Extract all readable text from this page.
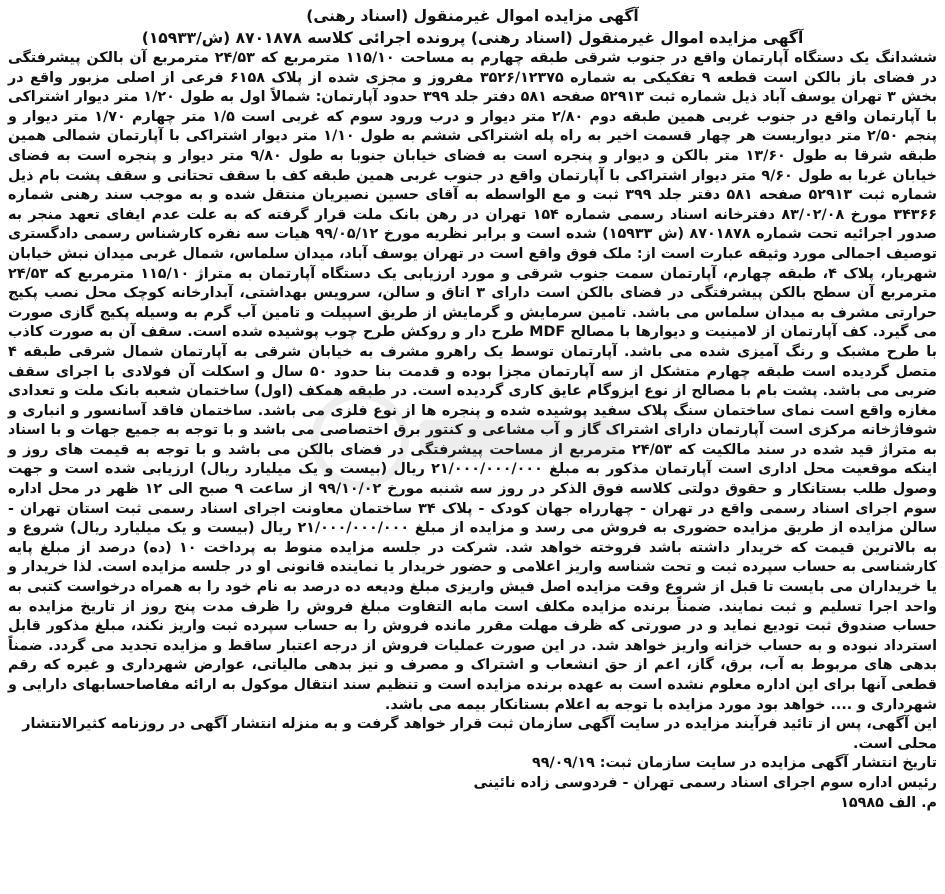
آگهی مزایده اموال غیرمنقول (اسناد رهنی)

آگهی مزایده اموال غیرمنقول (اسناد رهنی) پرونده اجرائی کلاسه ۸۷۰۱۸۷۸ (ش/۱۵۹۳۳)

ششدانگ یک دستگاه آپارتمان واقع در جنوب شرقی طبقه چهارم به مساحت ۱۱۵/۱۰ مترمربع که ۲۴/۵۳ مترمربع آن بالکن پیشرفتگی در فضای باز بالکن است قطعه ۹ تفکیکی به شماره ۳۵۲۶/۱۲۳۷۵ مفروز و مجزی شده از پلاک ۶۱۵۸ فرعی از اصلی مزبور واقع در بخش ۳ تهران یوسف آباد ذیل شماره ثبت ۵۲۹۱۳ صفحه ۵۸۱ دفتر جلد ۳۹۹ حدود آپارتمان: شمالاً اول به طول ۱/۲۰ متر دیوار اشتراکی با آپارتمان واقع در جنوب غربی همین طبقه دوم ۲/۸۰ متر دیوار و درب ورود سوم که غربی است ۱/۵ متر چهارم ۱/۷۰ متر دیوار و پنجم ۲/۵۰ متر دیواریست هر چهار قسمت اخیر به راه پله اشتراکی ششم به طول ۱/۱۰ متر دیوار اشتراکی با آپارتمان شمالی همین طبقه شرقا به طول ۱۳/۶۰ متر بالکن و دیوار و پنجره است به فضای خیابان جنوبا به طول ۹/۸۰ متر دیوار و پنجره است به فضای خیابان غربا به طول ۹/۶۰ متر دیوار اشتراکی با آپارتمان واقع در جنوب غربی همین طبقه کف با سقف تحتانی و سقف پشت بام ذیل شماره ثبت ۵۲۹۱۳ صفحه ۵۸۱ دفتر جلد ۳۹۹ ثبت و مع الواسطه به آقای حسین نصیریان منتقل شده و به موجب سند رهنی شماره ۳۴۳۶۶ مورخ ۸۳/۰۲/۰۸ دفترخانه اسناد رسمی شماره ۱۵۴ تهران در رهن بانک ملت قرار گرفته که به علت عدم ایفای تعهد منجر به صدور اجرائیه تحت شماره ۸۷۰۱۸۷۸ (ش ۱۵۹۳۳) شده است و برابر نظریه مورخ ۹۹/۰۵/۱۲ هیات سه نفره کارشناس رسمی دادگستری توصیف اجمالی مورد وثیقه عبارت است از: ملک فوق واقع است در تهران یوسف آباد، میدان سلماس، شمال غربی میدان نبش خیابان شهریار، پلاک ۴، طبقه چهارم، آپارتمان سمت جنوب شرقی و مورد ارزیابی یک دستگاه آپارتمان به متراژ ۱۱۵/۱۰ مترمربع که ۲۴/۵۳ مترمربع آن سطح بالکن پیشرفتگی در فضای بالکن است دارای ۳ اتاق و سالن، سرویس بهداشتی، آبدارخانه کوچک محل نصب پکیج حرارتی مشرف به میدان سلماس می باشد. تامین سرمایش و گرمایش از طریق اسپیلت و تامین آب گرم به وسیله پکیج گازی صورت می گیرد. کف آپارتمان از لامینیت و دیوارها با مصالح MDF طرح دار و روکش طرح چوب پوشیده شده است. سقف آن به صورت کاذب با طرح مشبک و رنگ آمیزی شده می باشد. آپارتمان توسط یک راهرو مشرف به خیابان شرقی به آپارتمان شمال شرقی طبقه ۴ متصل گردیده است طبقه چهارم متشکل از سه آپارتمان مجزا بوده و قدمت بنا حدود ۵۰ سال و اسکلت آن فولادی با اجرای سقف ضربی می باشد. پشت بام با مصالح از نوع ایزوگام عایق کاری گردیده است. در طبقه همکف (اول) ساختمان شعبه بانک ملت و تعدادی مغازه واقع است نمای ساختمان سنگ پلاک سفید پوشیده شده و پنجره ها از نوع فلزی می باشد. ساختمان فاقد آسانسور و انباری و شوفاژخانه مرکزی است آپارتمان دارای اشتراک گاز و آب مشاعی و کنتور برق اختصاصی می باشد و با توجه به جمیع جهات و با اسناد به متراژ قید شده در سند مالکیت که ۲۴/۵۳ مترمربع از مساحت پیشرفتگی در فضای بالکن می باشد و با توجه به قیمت های روز و اینکه موقعیت محل اداری است آپارتمان مذکور به مبلغ ۲۱/۰۰۰/۰۰۰/۰۰۰ ریال (بیست و یک میلیارد ریال) ارزیابی شده است و جهت وصول طلب بستانکار و حقوق دولتی کلاسه فوق الذکر در روز سه شنبه مورخ ۹۹/۱۰/۰۲ از ساعت ۹ صبح الی ۱۲ ظهر در محل اداره سوم اجرای اسناد رسمی واقع در تهران - چهارراه جهان کودک - پلاک ۳۴ ساختمان معاونت اجرای اسناد رسمی ثبت استان تهران - سالن مزایده از طریق مزایده حضوری به فروش می رسد و مزایده از مبلغ ۲۱/۰۰۰/۰۰۰/۰۰۰ ریال (بیست و یک میلیارد ریال) شروع و به بالاترین قیمت که خریدار داشته باشد فروخته خواهد شد. شرکت در جلسه مزایده منوط به پرداخت ۱۰ (ده) درصد از مبلغ پایه کارشناسی به حساب سپرده ثبت و تحت شناسه واریز اعلامی و حضور خریدار یا نماینده قانونی او در جلسه مزایده است. لذا خریدار و یا خریداران می بایست تا قبل از شروع وقت مزایده اصل فیش واریزی مبلغ ودیعه ده درصد به نام خود را به همراه درخواست کتبی به واحد اجرا تسلیم و ثبت نمایند. ضمناً برنده مزایده مکلف است مابه التفاوت مبلغ فروش را ظرف مدت پنج روز از تاریخ مزایده به حساب صندوق ثبت تودیع نماید و در صورتی که ظرف مهلت مقرر مانده فروش را به حساب سپرده ثبت واریز نکند، مبلغ مذکور قابل استرداد نبوده و به حساب خزانه واریز خواهد شد. در این صورت عملیات فروش از درجه اعتبار ساقط و مزایده تجدید می گردد. ضمناً بدهی های مربوط به آب، برق، گاز، اعم از حق انشعاب و اشتراک و مصرف و نیز بدهی مالیاتی، عوارض شهرداری و غیره که رقم قطعی آنها برای این اداره معلوم نشده است به عهده برنده مزایده است و تنظیم سند انتقال موکول به ارائه مفاصاحسابهای دارایی و شهرداری و .... خواهد بود مورد مزایده با توجه به اعلام بستانکار بیمه می باشد.

این آگهی، پس از تائید فرآیند مزایده در سایت آگهی سازمان ثبت قرار خواهد گرفت و به منزله انتشار آگهی در روزنامه کثیرالانتشار محلی است.

تاریخ انتشار آگهی مزایده در سایت سازمان ثبت: ۹۹/۰۹/۱۹

رئیس اداره سوم اجرای اسناد رسمی تهران - فردوسی زاده نائینی

م. الف ۱۵۹۸۵
